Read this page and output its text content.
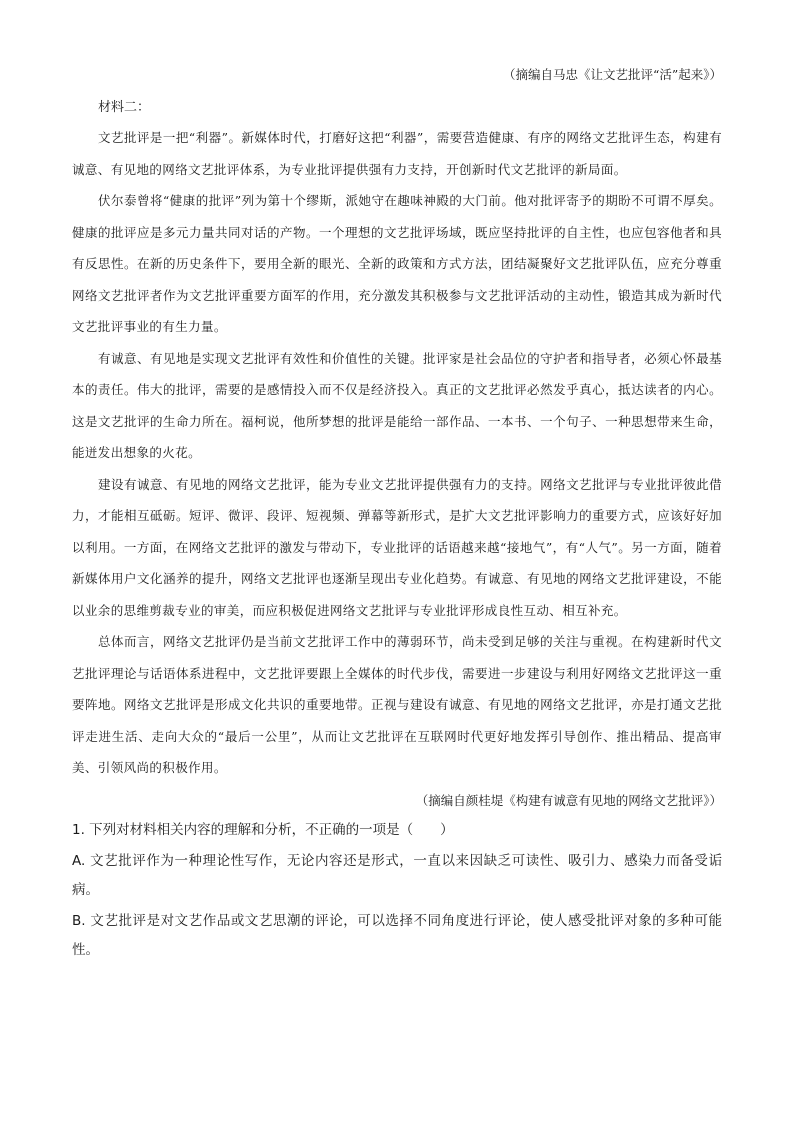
（摘编自马忠《让文艺批评“活”起来》）

材料二：

文艺批评是一把“利器”。新媒体时代，打磨好这把“利器”，需要营造健康、有序的网络文艺批评生态，构建有诚意、有见地的网络文艺批评体系，为专业批评提供强有力支持，开创新时代文艺批评的新局面。

伏尔泰曾将“健康的批评”列为第十个缪斯，派她守在趣味神殿的大门前。他对批评寄予的期盼不可谓不厚矣。健康的批评应是多元力量共同对话的产物。一个理想的文艺批评场域，既应坚持批评的自主性，也应包容他者和具有反思性。在新的历史条件下，要用全新的眼光、全新的政策和方式方法，团结凝聚好文艺批评队伍，应充分尊重网络文艺批评者作为文艺批评重要方面军的作用，充分激发其积极参与文艺批评活动的主动性，锻造其成为新时代文艺批评事业的有生力量。

有诚意、有见地是实现文艺批评有效性和价值性的关键。批评家是社会品位的守护者和指导者，必须心怀最基本的责任。伟大的批评，需要的是感情投入而不仅是经济投入。真正的文艺批评必然发乎真心，抵达读者的内心。这是文艺批评的生命力所在。福柯说，他所梦想的批评是能给一部作品、一本书、一个句子、一种思想带来生命，能迸发出想象的火花。

建设有诚意、有见地的网络文艺批评，能为专业文艺批评提供强有力的支持。网络文艺批评与专业批评彼此借力，才能相互砥砺。短评、微评、段评、短视频、弹幕等新形式，是扩大文艺批评影响力的重要方式，应该好好加以利用。一方面，在网络文艺批评的激发与带动下，专业批评的话语越来越“接地气”，有“人气”。另一方面，随着新媒体用户文化涵养的提升，网络文艺批评也逐渐呈现出专业化趋势。有诚意、有见地的网络文艺批评建设，不能以业余的思维剪裁专业的审美，而应积极促进网络文艺批评与专业批评形成良性互动、相互补充。

总体而言，网络文艺批评仍是当前文艺批评工作中的薄弱环节，尚未受到足够的关注与重视。在构建新时代文艺批评理论与话语体系进程中，文艺批评要跟上全媒体的时代步伐，需要进一步建设与利用好网络文艺批评这一重要阵地。网络文艺批评是形成文化共识的重要地带。正视与建设有诚意、有见地的网络文艺批评，亦是打通文艺批评走进生活、走向大众的“最后一公里”，从而让文艺批评在互联网时代更好地发挥引导创作、推出精品、提高审美、引领风尚的积极作用。

（摘编自颜桂堤《构建有诚意有见地的网络文艺批评》）

1. 下列对材料相关内容的理解和分析，不正确的一项是（　　）

A. 文艺批评作为一种理论性写作，无论内容还是形式，一直以来因缺乏可读性、吸引力、感染力而备受诟病。

B. 文艺批评是对文艺作品或文艺思潮的评论，可以选择不同角度进行评论，使人感受批评对象的多种可能性。
